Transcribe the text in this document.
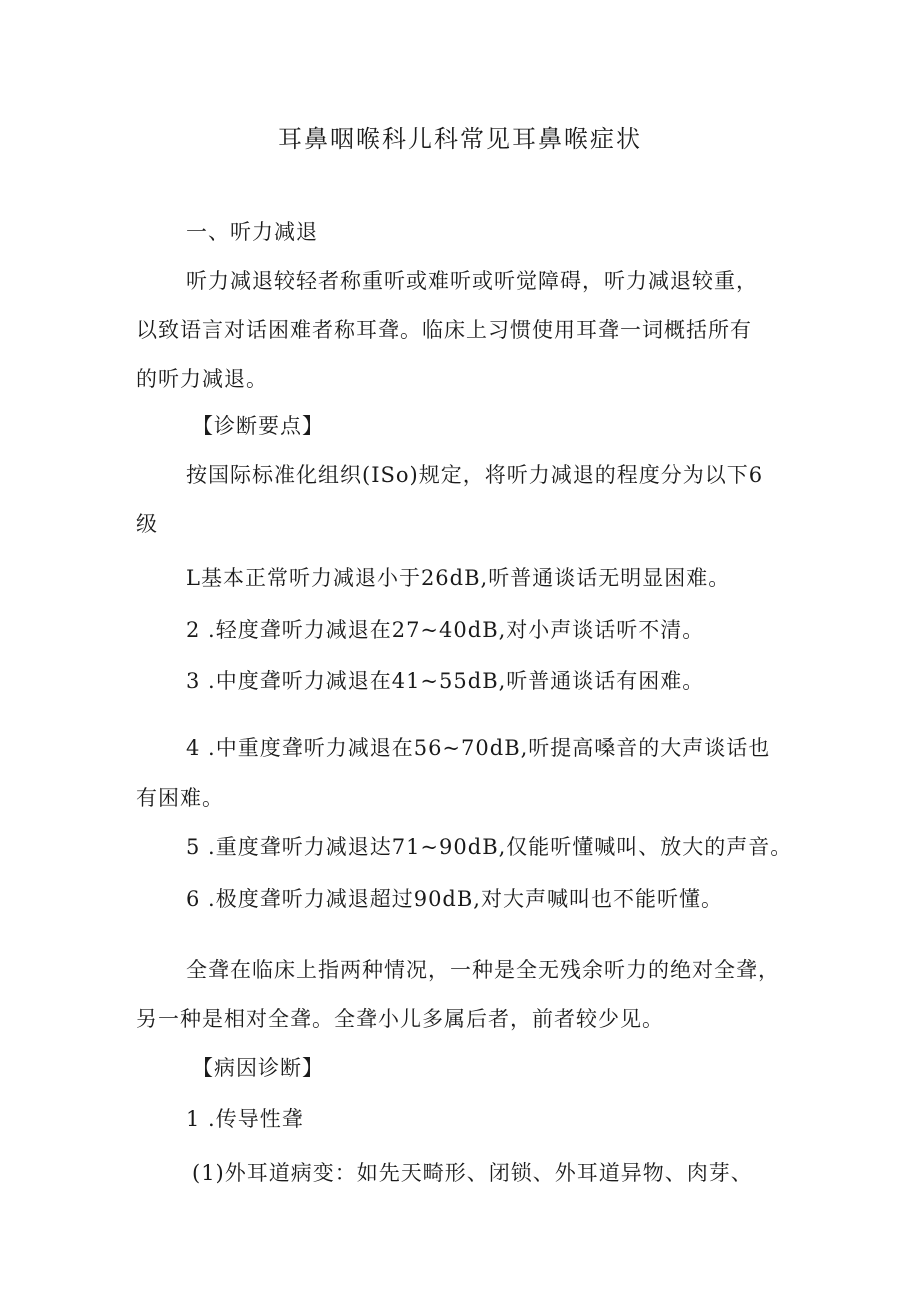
耳鼻咽喉科儿科常见耳鼻喉症状
一、听力减退
听力减退较轻者称重听或难听或听觉障碍，听力减退较重，
以致语言对话困难者称耳聋。临床上习惯使用耳聋一词概括所有
的听力减退。
【诊断要点】
按国际标准化组织(ISo)规定，将听力减退的程度分为以下6
级
L基本正常听力减退小于26dB,听普通谈话无明显困难。
2 .轻度聋听力减退在27~40dB,对小声谈话听不清。
3 .中度聋听力减退在41~55dB,听普通谈话有困难。
4 .中重度聋听力减退在56~70dB,听提高嗓音的大声谈话也
有困难。
5 .重度聋听力减退达71~90dB,仅能听懂喊叫、放大的声音。
6 .极度聋听力减退超过90dB,对大声喊叫也不能听懂。
全聋在临床上指两种情况，一种是全无残余听力的绝对全聋，
另一种是相对全聋。全聋小儿多属后者，前者较少见。
【病因诊断】
1 .传导性聋
(1)外耳道病变：如先天畸形、闭锁、外耳道异物、肉芽、
